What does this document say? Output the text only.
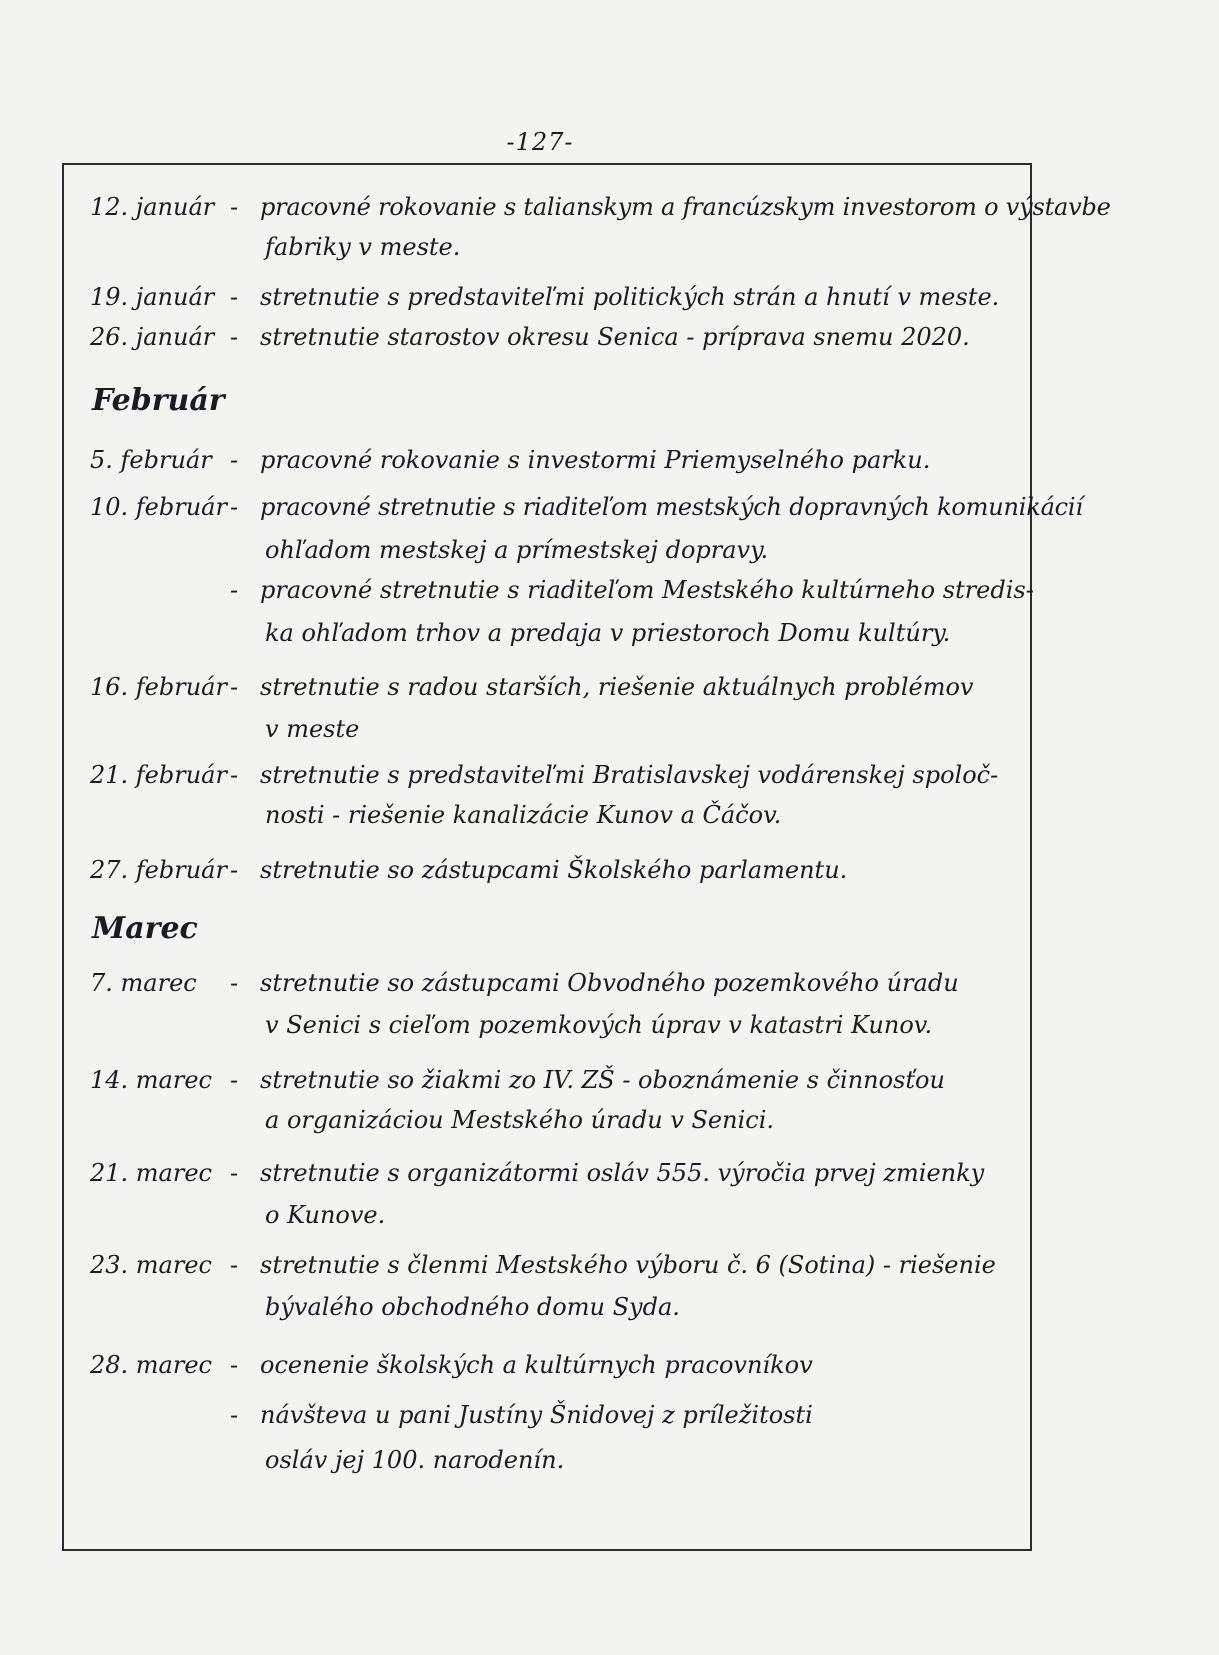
-127-
12. január - pracovné rokovanie s talianskym a francúzskym investorom o výstavbe
fabriky v meste.
19. január - stretnutie s predstaviteľmi politických strán a hnutí v meste.
26. január - stretnutie starostov okresu Senica - príprava snemu 2020.
Február
5. február - pracovné rokovanie s investormi Priemyselného parku.
10. február - pracovné stretnutie s riaditeľom mestských dopravných komunikácií
ohľadom mestskej a prímestskej dopravy.
- pracovné stretnutie s riaditeľom Mestského kultúrneho stredis-
ka ohľadom trhov a predaja v priestoroch Domu kultúry.
16. február - stretnutie s radou starších, riešenie aktuálnych problémov
v meste
21. február - stretnutie s predstaviteľmi Bratislavskej vodárenskej spoloč-
nosti - riešenie kanalizácie Kunov a Čáčov.
27. február - stretnutie so zástupcami Školského parlamentu.
Marec
7. marec	- stretnutie so zástupcami Obvodného pozemkového úradu
v Senici s cieľom pozemkových úprav v katastri Kunov.
14. marec - stretnutie so žiakmi zo IV. ZŠ - oboznámenie s činnosťou
a organizáciou Mestského úradu v Senici.
21. marec - stretnutie s organizátormi osláv 555. výročia prvej zmienky
o Kunove.
23. marec - stretnutie s členmi Mestského výboru č. 6 (Sotina) - riešenie
bývalého obchodného domu Syda.
28. marec - ocenenie školských a kultúrnych pracovníkov
- návšteva u pani Justíny Šnidovej z príležitosti
osláv jej 100. narodenín.
